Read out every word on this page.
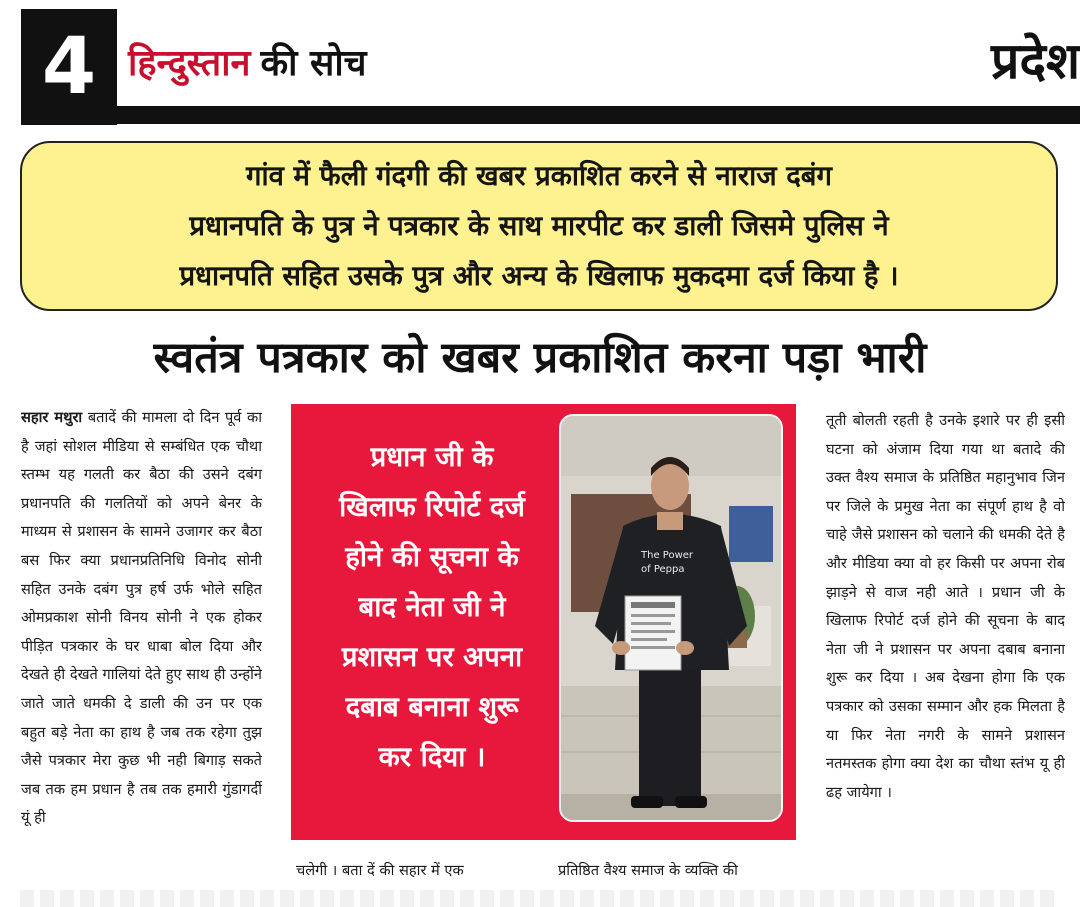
4 हिन्दुस्तान की सोच	प्रदेश

गांव में फैली गंदगी की खबर प्रकाशित करने से नाराज दबंग

प्रधानपति के पुत्र ने पत्रकार के साथ मारपीट कर डाली जिसमे पुलिस ने

प्रधानपति सहित उसके पुत्र और अन्य के खिलाफ मुकदमा दर्ज किया है ।

स्वतंत्र पत्रकार को खबर प्रकाशित करना पड़ा भारी
सहार मथुरा बतादें की मामला दो दिन पूर्व का है जहां सोशल मीडिया से सम्बंधित एक चौथा स्तम्भ यह गलती कर बैठा की उसने दबंग प्रधानपति की गलतियों को अपने बेनर के माध्यम से प्रशासन के सामने उजागर कर बैठा बस फिर क्या प्रधानप्रतिनिधि विनोद सोनी सहित उनके दबंग पुत्र हर्ष उर्फ भोले सहित ओमप्रकाश सोनी विनय सोनी ने एक होकर पीड़ित पत्रकार के घर धाबा बोल दिया और देखते ही देखते गालियां देते हुए साथ ही उन्होंने जाते जाते धमकी दे डाली की उन पर एक बहुत बड़े नेता का हाथ है जब तक रहेगा तुझ जैसे पत्रकार मेरा कुछ भी नही बिगाड़ सकते जब तक हम प्रधान है तब तक हमारी गुंडागर्दी यूं ही
प्रधान जी के
खिलाफ रिपोर्ट दर्ज
होने की सूचना के
बाद नेता जी ने
प्रशासन पर अपना
दबाब बनाना शुरू
कर दिया ।
The Power
of Peppa
चलेगी । बता दें की सहार में एक	प्रतिष्ठित वैश्य समाज के व्यक्ति की
तूती बोलती रहती है उनके इशारे पर ही इसी घटना को अंजाम दिया गया था बतादे की उक्त वैश्य समाज के प्रतिष्ठित महानुभाव जिन पर जिले के प्रमुख नेता का संपूर्ण हाथ है वो चाहे जैसे प्रशासन को चलाने की धमकी देते है और मीडिया क्या वो हर किसी पर अपना रोब झाड़ने से वाज नही आते । प्रधान जी के खिलाफ रिपोर्ट दर्ज होने की सूचना के बाद नेता जी ने प्रशासन पर अपना दबाब बनाना शुरू कर दिया । अब देखना होगा कि एक पत्रकार को उसका सम्मान और हक मिलता है या फिर नेता नगरी के सामने प्रशासन नतमस्तक होगा क्या देश का चौथा स्तंभ यू ही ढह जायेगा ।
